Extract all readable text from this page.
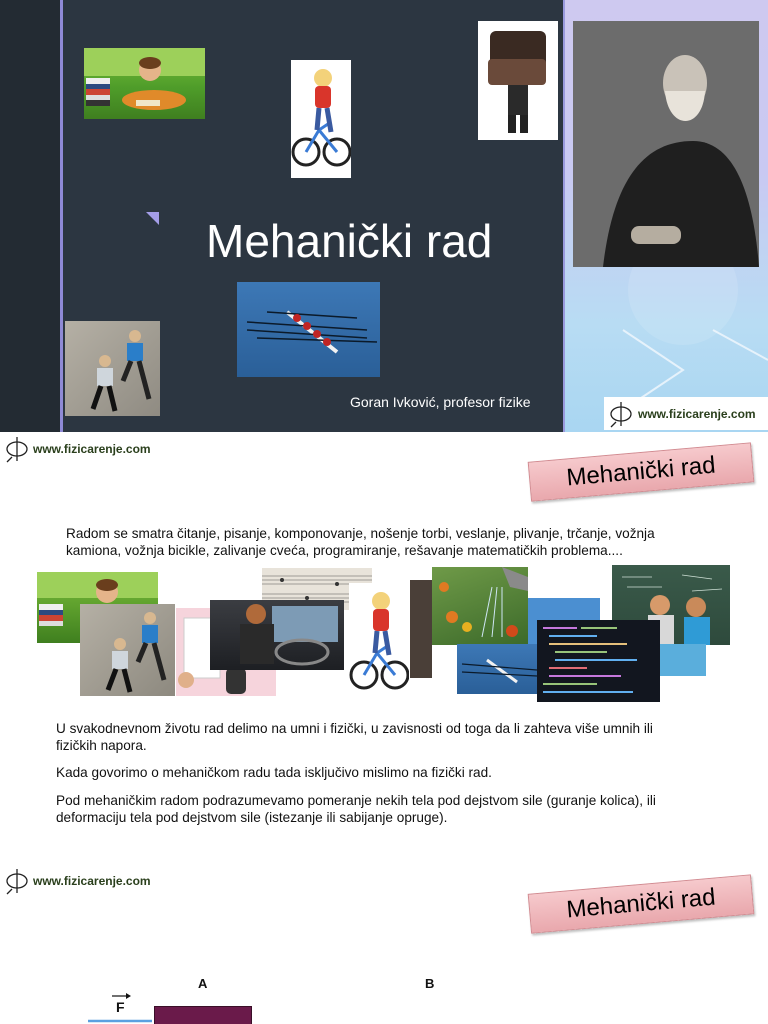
Mehanički rad
Goran Ivković, profesor fizike
www.fizicarenje.com
www.fizicarenje.com
Mehanički rad
Radom se smatra čitanje, pisanje, komponovanje, nošenje torbi, veslanje, plivanje, trčanje, vožnja kamiona, vožnja bicikle, zalivanje cveća, programiranje, rešavanje matematičkih problema....
U svakodnevnom životu rad delimo na umni i fizički, u zavisnosti od toga da li zahteva više umnih ili fizičkih napora.
Kada govorimo o mehaničkom radu tada isključivo mislimo na fizički rad.
Pod mehaničkim radom podrazumevamo pomeranje nekih tela pod dejstvom sile (guranje kolica), ili deformaciju tela pod dejstvom sile (istezanje ili sabijanje opruge).
www.fizicarenje.com
Mehanički rad
A	B
F
